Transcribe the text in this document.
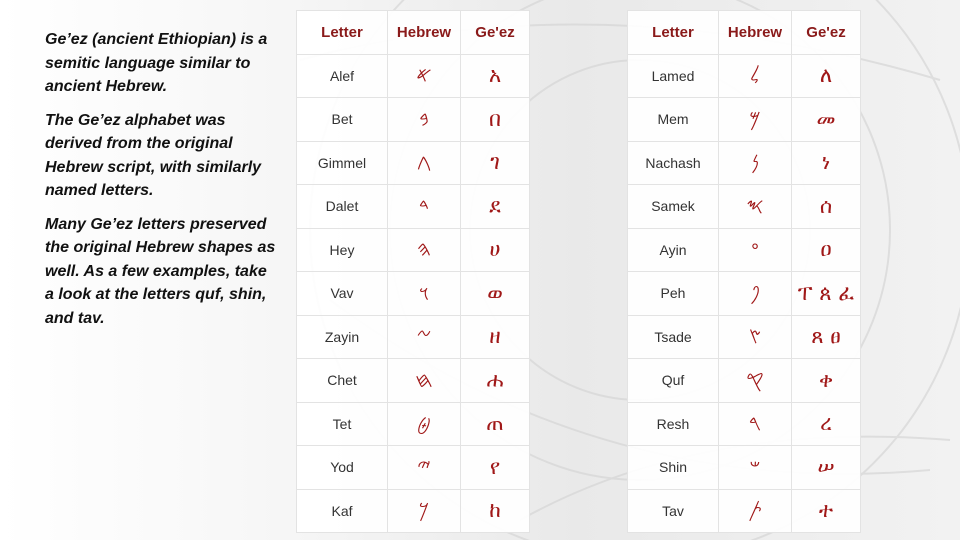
Ge’ez (ancient Ethiopian) is a semitic language similar to ancient Hebrew.

The Ge’ez alphabet was derived from the original Hebrew script, with similarly named letters.

Many Ge’ez letters preserved the original Hebrew shapes as well. As a few examples, take a look at the letters quf, shin, and tav.

Letter	Hebrew	Ge'ez
Alef	𐤀	አ
Bet	𐤁	በ
Gimmel	𐤂	ገ
Dalet	𐤃	ደ
Hey	𐤄	ሀ
Vav	𐤅	ወ
Zayin	𐤆	ዘ
Chet	𐤇	ሐ
Tet	𐤈	ጠ
Yod	𐤉	የ
Kaf	𐤊	ከ
Letter	Hebrew	Ge'ez
Lamed	𐤋	ለ
Mem	𐤌	መ
Nachash	𐤍	ነ
Samek	𐤎	ሰ
Ayin	𐤏	ዐ
Peh	𐤐	ፐ ጰ ፈ
Tsade	𐤑	ጸ ፀ
Quf	𐤒	ቀ
Resh	𐤓	ረ
Shin	𐤔	ሠ
Tav	𐤕	ተ
